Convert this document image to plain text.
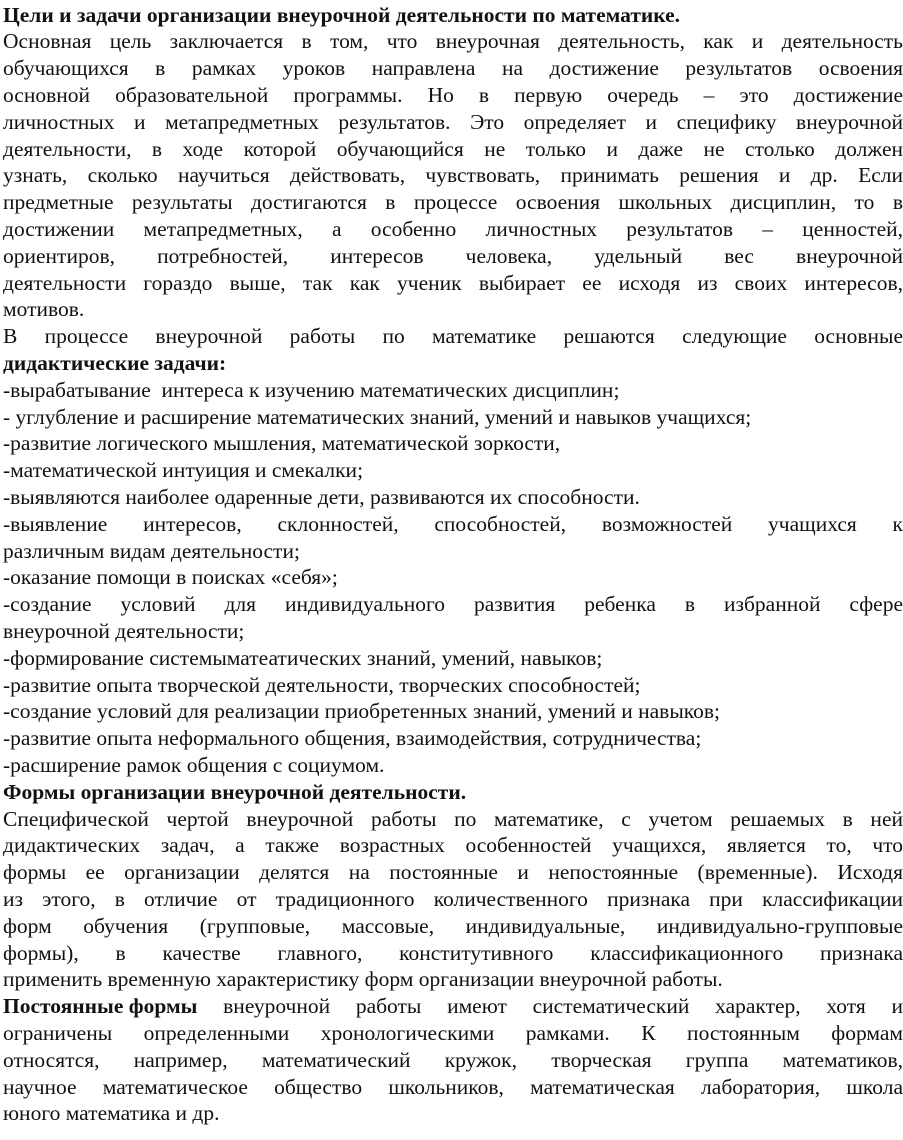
Цели и задачи организации внеурочной деятельности по математике.
Основная цель заключается в том, что внеурочная деятельность, как и деятельность
обучающихся в рамках уроков направлена на достижение результатов освоения
основной образовательной программы. Но в первую очередь – это достижение
личностных и метапредметных результатов. Это определяет и специфику внеурочной
деятельности, в ходе которой обучающийся не только и даже не столько должен
узнать, сколько научиться действовать, чувствовать, принимать решения и др. Если
предметные результаты достигаются в процессе освоения школьных дисциплин, то в
достижении метапредметных, а особенно личностных результатов – ценностей,
ориентиров, потребностей, интересов человека, удельный вес внеурочной
деятельности гораздо выше, так как ученик выбирает ее исходя из своих интересов,
мотивов.
В процессе внеурочной работы по математике решаются следующие основные
дидактические задачи:
-вырабатывание  интереса к изучению математических дисциплин;
- углубление и расширение математических знаний, умений и навыков учащихся;
-развитие логического мышления, математической зоркости,
-математической интуиция и смекалки;
-выявляются наиболее одаренные дети, развиваются их способности.
-выявление интересов, склонностей, способностей, возможностей учащихся к
различным видам деятельности;
-оказание помощи в поисках «себя»;
-создание условий для индивидуального развития ребенка в избранной сфере
внеурочной деятельности;
-формирование системыматеатических знаний, умений, навыков;
-развитие опыта творческой деятельности, творческих способностей;
-создание условий для реализации приобретенных знаний, умений и навыков;
-развитие опыта неформального общения, взаимодействия, сотрудничества;
-расширение рамок общения с социумом.
Формы организации внеурочной деятельности.
Специфической чертой внеурочной работы по математике, с учетом решаемых в ней
дидактических задач, а также возрастных особенностей учащихся, является то, что
формы ее организации делятся на постоянные и непостоянные (временные). Исходя
из этого, в отличие от традиционного количественного признака при классификации
форм обучения (групповые, массовые, индивидуальные, индивидуально-групповые
формы), в качестве главного, конститутивного классификационного признака
применить временную характеристику форм организации внеурочной работы.
Постоянные формы внеурочной работы имеют систематический характер, хотя и
ограничены определенными хронологическими рамками. К постоянным формам
относятся, например, математический кружок, творческая группа математиков,
научное математическое общество школьников, математическая лаборатория, школа
юного математика и др.
